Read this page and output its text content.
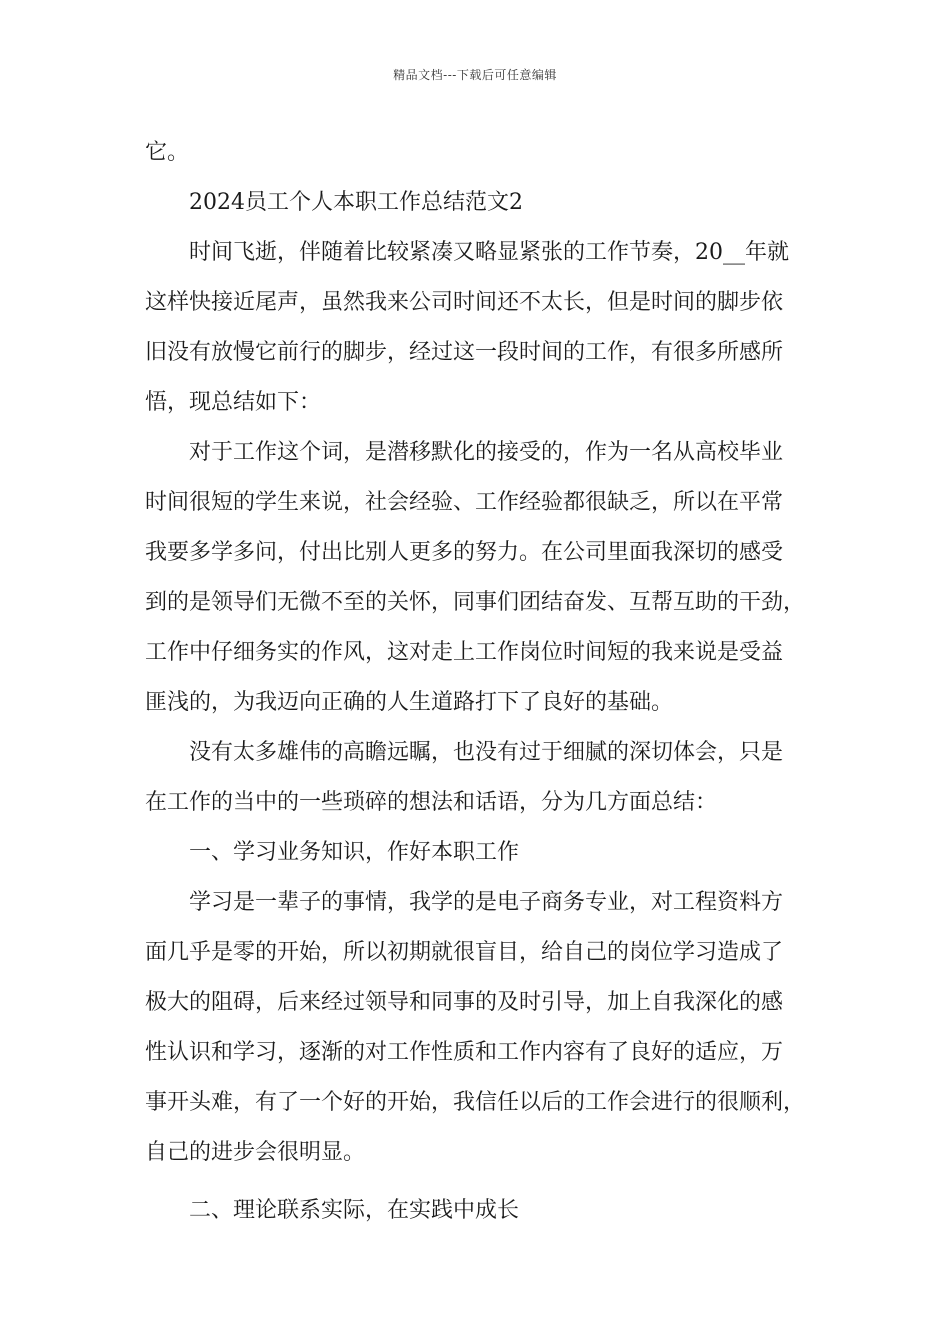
精品文档---下载后可任意编辑
它。
2024员工个人本职工作总结范文2
时间飞逝，伴随着比较紧凑又略显紧张的工作节奏，20__年就
这样快接近尾声，虽然我来公司时间还不太长，但是时间的脚步依
旧没有放慢它前行的脚步，经过这一段时间的工作，有很多所感所
悟，现总结如下：
对于工作这个词，是潜移默化的接受的，作为一名从高校毕业
时间很短的学生来说，社会经验、工作经验都很缺乏，所以在平常
我要多学多问，付出比别人更多的努力。在公司里面我深切的感受
到的是领导们无微不至的关怀，同事们团结奋发、互帮互助的干劲，
工作中仔细务实的作风，这对走上工作岗位时间短的我来说是受益
匪浅的，为我迈向正确的人生道路打下了良好的基础。
没有太多雄伟的高瞻远瞩，也没有过于细腻的深切体会，只是
在工作的当中的一些琐碎的想法和话语，分为几方面总结：
一、学习业务知识，作好本职工作
学习是一辈子的事情，我学的是电子商务专业，对工程资料方
面几乎是零的开始，所以初期就很盲目，给自己的岗位学习造成了
极大的阻碍，后来经过领导和同事的及时引导，加上自我深化的感
性认识和学习，逐渐的对工作性质和工作内容有了良好的适应，万
事开头难，有了一个好的开始，我信任以后的工作会进行的很顺利，
自己的进步会很明显。
二、理论联系实际，在实践中成长
